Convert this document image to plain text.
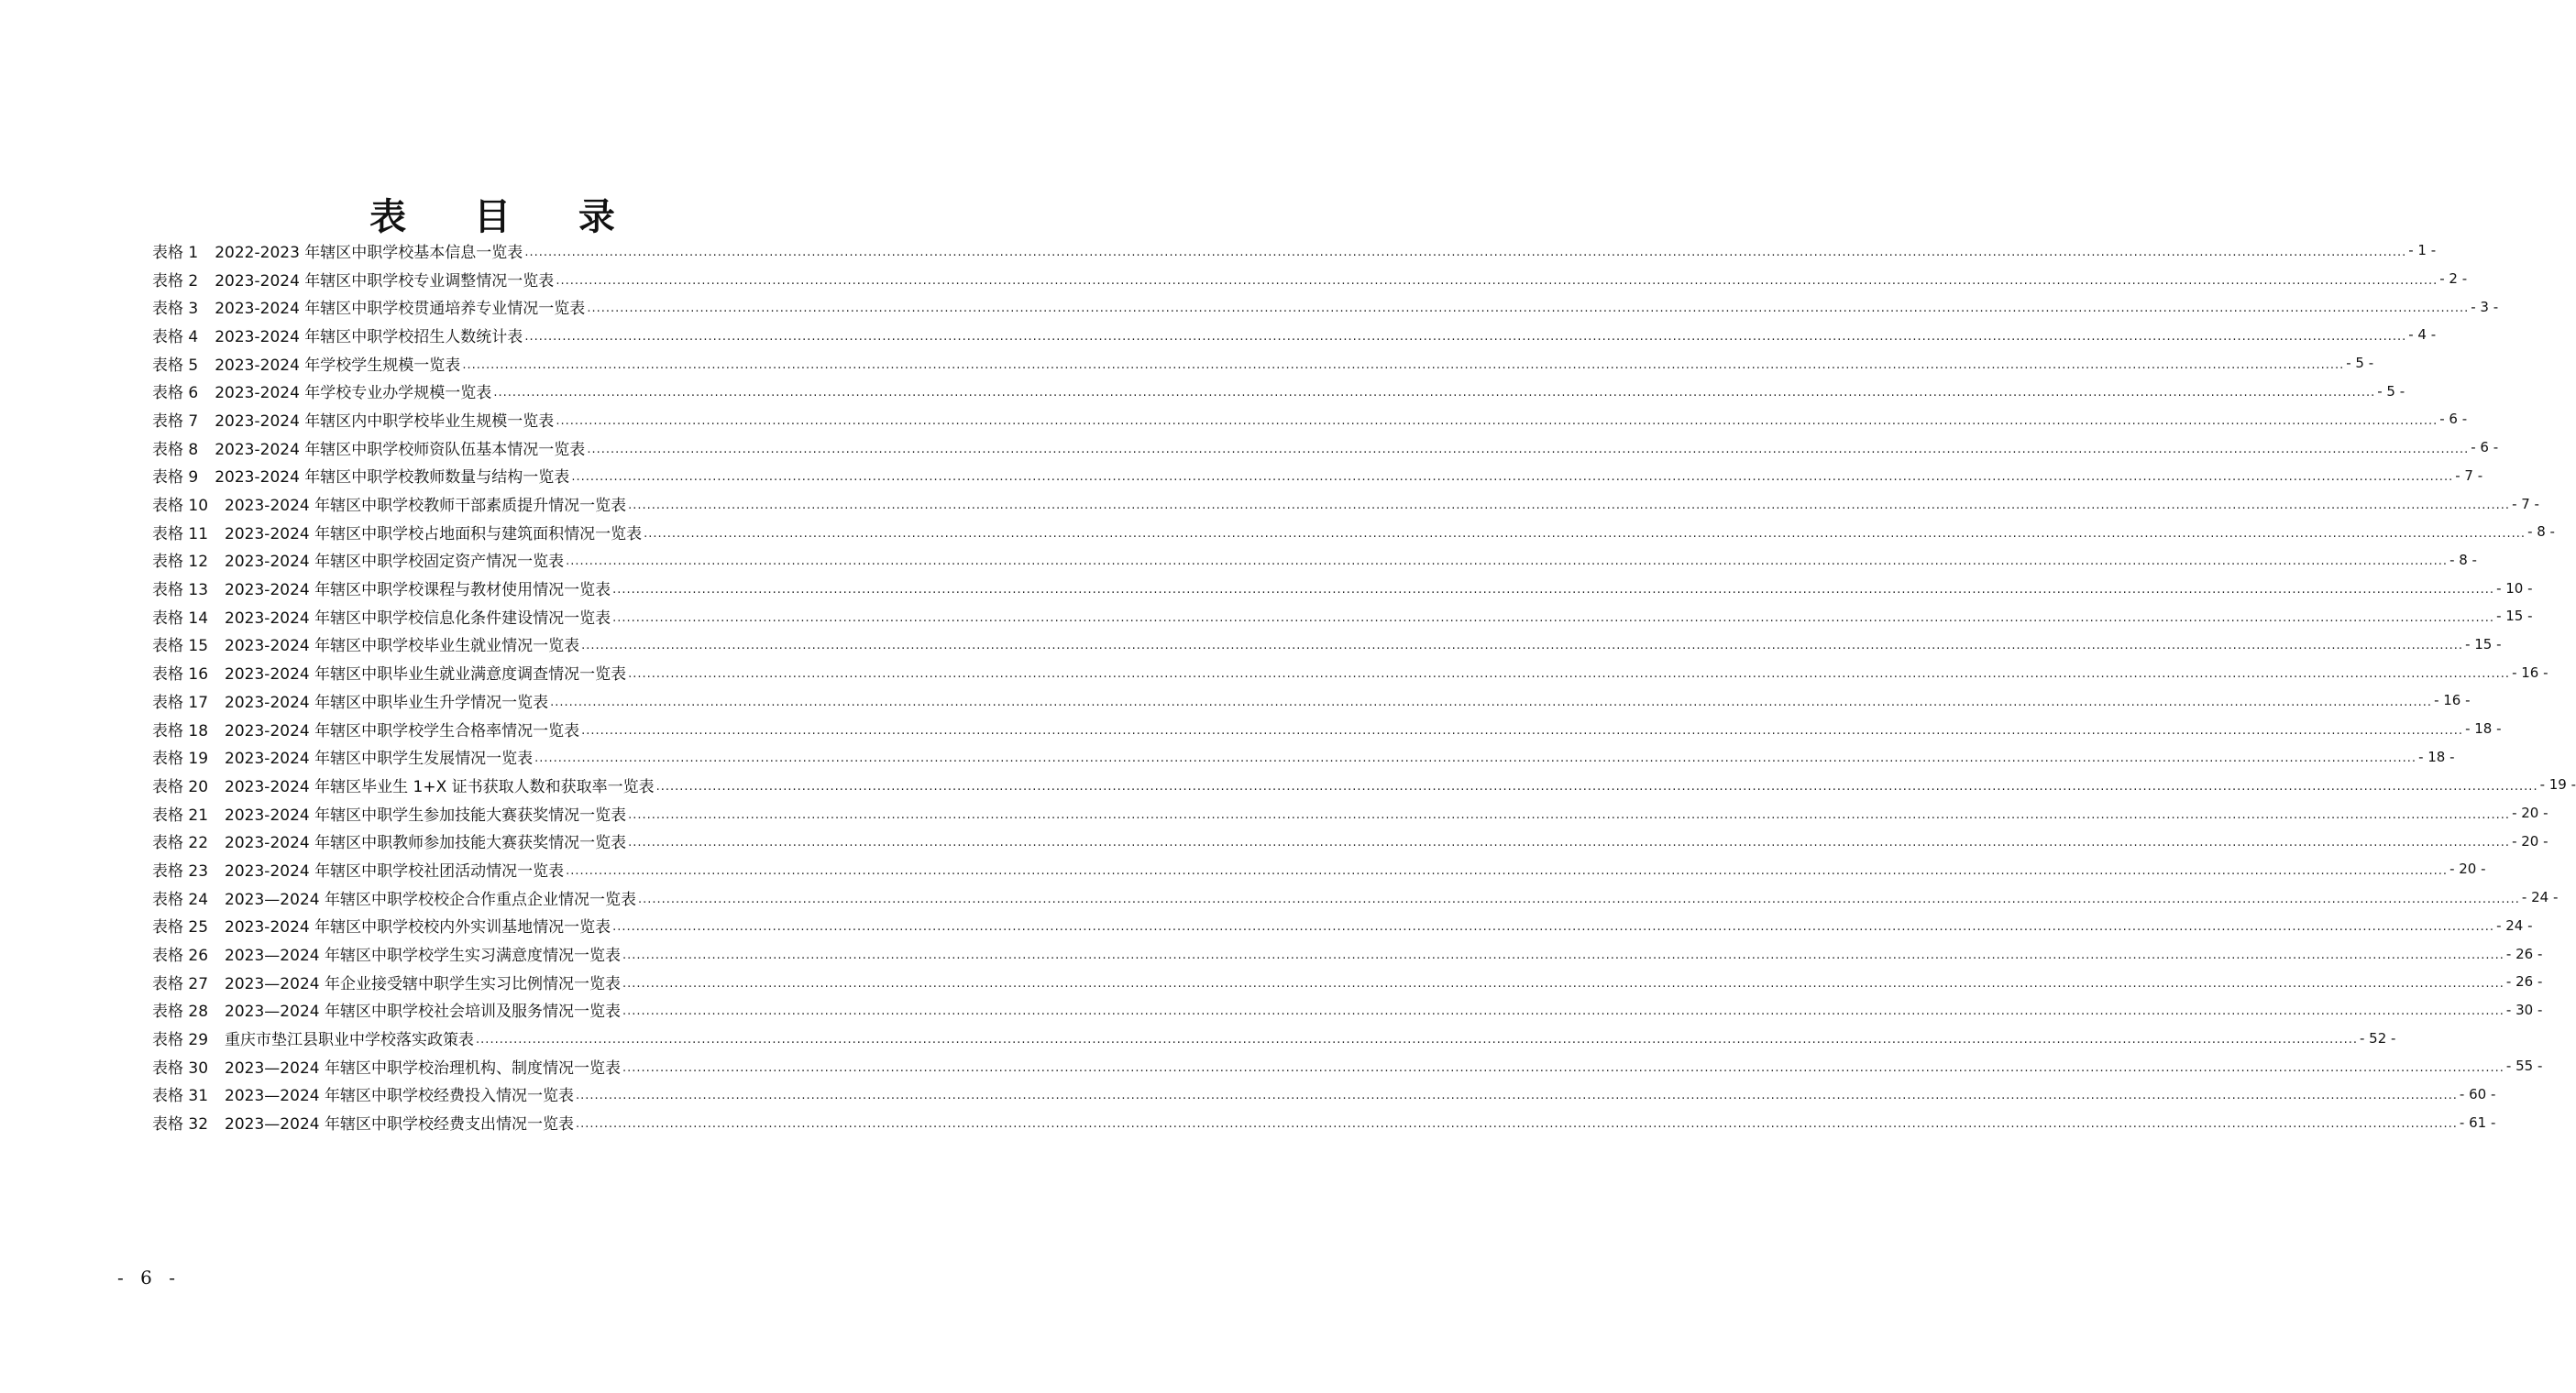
表 目 录
表格 1 2022-2023 年辖区中职学校基本信息一览表 ................................................................................................................................................................................................................................................................................................................................................................................................................ - 1 -
表格 2 2023-2024 年辖区中职学校专业调整情况一览表 ................................................................................................................................................................................................................................................................................................................................................................................................................ - 2 -
表格 3 2023-2024 年辖区中职学校贯通培养专业情况一览表 ................................................................................................................................................................................................................................................................................................................................................................................................................ - 3 -
表格 4 2023-2024 年辖区中职学校招生人数统计表 ................................................................................................................................................................................................................................................................................................................................................................................................................ - 4 -
表格 5 2023-2024 年学校学生规模一览表 ................................................................................................................................................................................................................................................................................................................................................................................................................ - 5 -
表格 6 2023-2024 年学校专业办学规模一览表 ................................................................................................................................................................................................................................................................................................................................................................................................................ - 5 -
表格 7 2023-2024 年辖区内中职学校毕业生规模一览表 ................................................................................................................................................................................................................................................................................................................................................................................................................ - 6 -
表格 8 2023-2024 年辖区中职学校师资队伍基本情况一览表 ................................................................................................................................................................................................................................................................................................................................................................................................................ - 6 -
表格 9 2023-2024 年辖区中职学校教师数量与结构一览表 ................................................................................................................................................................................................................................................................................................................................................................................................................ - 7 -
表格 10 2023-2024 年辖区中职学校教师干部素质提升情况一览表 ................................................................................................................................................................................................................................................................................................................................................................................................................ - 7 -
表格 11 2023-2024 年辖区中职学校占地面积与建筑面积情况一览表 ................................................................................................................................................................................................................................................................................................................................................................................................................ - 8 -
表格 12 2023-2024 年辖区中职学校固定资产情况一览表 ................................................................................................................................................................................................................................................................................................................................................................................................................ - 8 -
表格 13 2023-2024 年辖区中职学校课程与教材使用情况一览表 ................................................................................................................................................................................................................................................................................................................................................................................................................ - 10 -
表格 14 2023-2024 年辖区中职学校信息化条件建设情况一览表 ................................................................................................................................................................................................................................................................................................................................................................................................................ - 15 -
表格 15 2023-2024 年辖区中职学校毕业生就业情况一览表 ................................................................................................................................................................................................................................................................................................................................................................................................................ - 15 -
表格 16 2023-2024 年辖区中职毕业生就业满意度调查情况一览表 ................................................................................................................................................................................................................................................................................................................................................................................................................ - 16 -
表格 17 2023-2024 年辖区中职毕业生升学情况一览表 ................................................................................................................................................................................................................................................................................................................................................................................................................ - 16 -
表格 18 2023-2024 年辖区中职学校学生合格率情况一览表 ................................................................................................................................................................................................................................................................................................................................................................................................................ - 18 -
表格 19 2023-2024 年辖区中职学生发展情况一览表 ................................................................................................................................................................................................................................................................................................................................................................................................................ - 18 -
表格 20 2023-2024 年辖区毕业生 1+X 证书获取人数和获取率一览表 ................................................................................................................................................................................................................................................................................................................................................................................................................ - 19 -
表格 21 2023-2024 年辖区中职学生参加技能大赛获奖情况一览表 ................................................................................................................................................................................................................................................................................................................................................................................................................ - 20 -
表格 22 2023-2024 年辖区中职教师参加技能大赛获奖情况一览表 ................................................................................................................................................................................................................................................................................................................................................................................................................ - 20 -
表格 23 2023-2024 年辖区中职学校社团活动情况一览表 ................................................................................................................................................................................................................................................................................................................................................................................................................ - 20 -
表格 24 2023—2024 年辖区中职学校校企合作重点企业情况一览表 ................................................................................................................................................................................................................................................................................................................................................................................................................ - 24 -
表格 25 2023-2024 年辖区中职学校校内外实训基地情况一览表 ................................................................................................................................................................................................................................................................................................................................................................................................................ - 24 -
表格 26 2023—2024 年辖区中职学校学生实习满意度情况一览表 ................................................................................................................................................................................................................................................................................................................................................................................................................ - 26 -
表格 27 2023—2024 年企业接受辖中职学生实习比例情况一览表 ................................................................................................................................................................................................................................................................................................................................................................................................................ - 26 -
表格 28 2023—2024 年辖区中职学校社会培训及服务情况一览表 ................................................................................................................................................................................................................................................................................................................................................................................................................ - 30 -
表格 29 重庆市垫江县职业中学校落实政策表 ................................................................................................................................................................................................................................................................................................................................................................................................................ - 52 -
表格 30 2023—2024 年辖区中职学校治理机构、制度情况一览表 ................................................................................................................................................................................................................................................................................................................................................................................................................ - 55 -
表格 31 2023—2024 年辖区中职学校经费投入情况一览表 ................................................................................................................................................................................................................................................................................................................................................................................................................ - 60 -
表格 32 2023—2024 年辖区中职学校经费支出情况一览表 ................................................................................................................................................................................................................................................................................................................................................................................................................ - 61 -
- 6 -
